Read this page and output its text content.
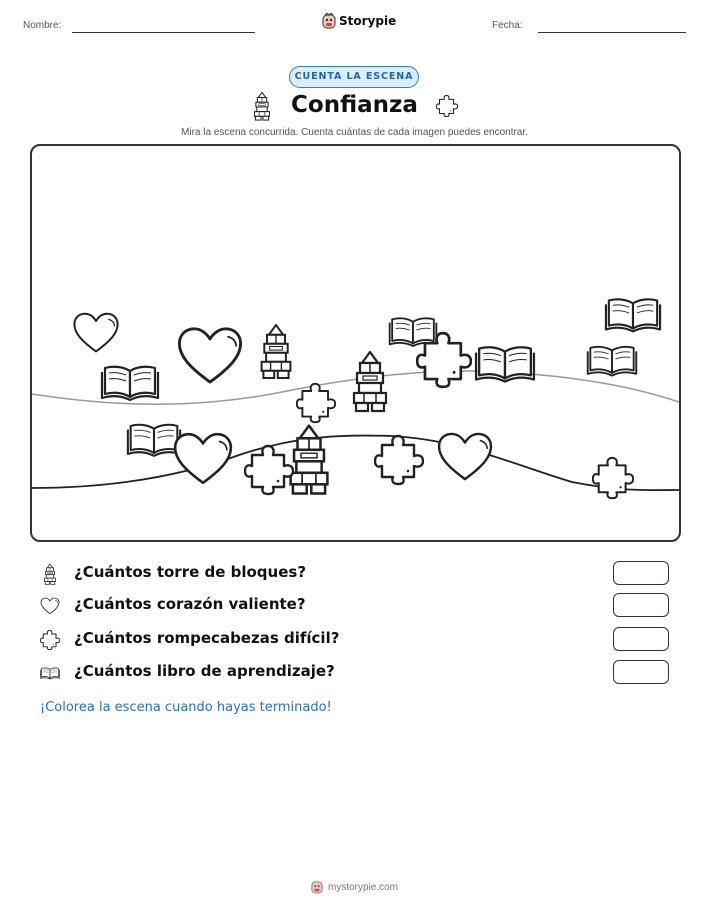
Nombre:	Storypie	Fecha:
CUENTA LA ESCENA
Confianza
Mira la escena concurrida. Cuenta cuántas de cada imagen puedes encontrar.
¿Cuántos torre de bloques?
¿Cuántos corazón valiente?
¿Cuántos rompecabezas difícil?
¿Cuántos libro de aprendizaje?
¡Colorea la escena cuando hayas terminado!
mystorypie.com
